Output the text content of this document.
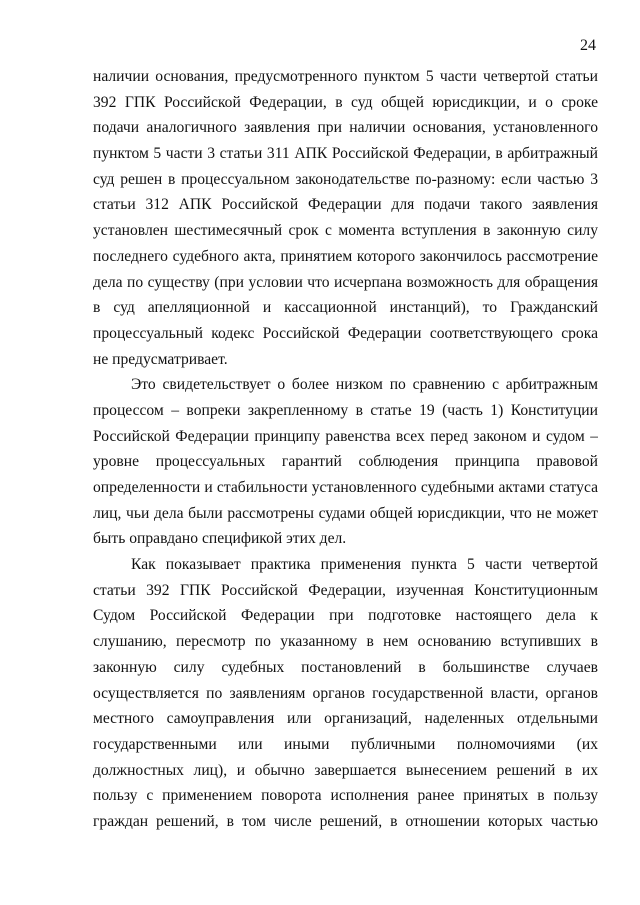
24
наличии основания, предусмотренного пунктом 5 части четвертой статьи
392 ГПК Российской Федерации, в суд общей юрисдикции, и о сроке
подачи аналогичного заявления при наличии основания, установленного
пунктом 5 части 3 статьи 311 АПК Российской Федерации, в арбитражный
суд решен в процессуальном законодательстве по-разному: если частью 3
статьи 312 АПК Российской Федерации для подачи такого заявления
установлен шестимесячный срок с момента вступления в законную силу
последнего судебного акта, принятием которого закончилось рассмотрение
дела по существу (при условии что исчерпана возможность для обращения
в суд апелляционной и кассационной инстанций), то Гражданский
процессуальный кодекс Российской Федерации соответствующего срока
не предусматривает.
Это свидетельствует о более низком по сравнению с арбитражным
процессом – вопреки закрепленному в статье 19 (часть 1) Конституции
Российской Федерации принципу равенства всех перед законом и судом –
уровне процессуальных гарантий соблюдения принципа правовой
определенности и стабильности установленного судебными актами статуса
лиц, чьи дела были рассмотрены судами общей юрисдикции, что не может
быть оправдано спецификой этих дел.
Как показывает практика применения пункта 5 части четвертой
статьи 392 ГПК Российской Федерации, изученная Конституционным
Судом Российской Федерации при подготовке настоящего дела к
слушанию, пересмотр по указанному в нем основанию вступивших в
законную силу судебных постановлений в большинстве случаев
осуществляется по заявлениям органов государственной власти, органов
местного самоуправления или организаций, наделенных отдельными
государственными или иными публичными полномочиями (их
должностных лиц), и обычно завершается вынесением решений в их
пользу с применением поворота исполнения ранее принятых в пользу
граждан решений, в том числе решений, в отношении которых частью
